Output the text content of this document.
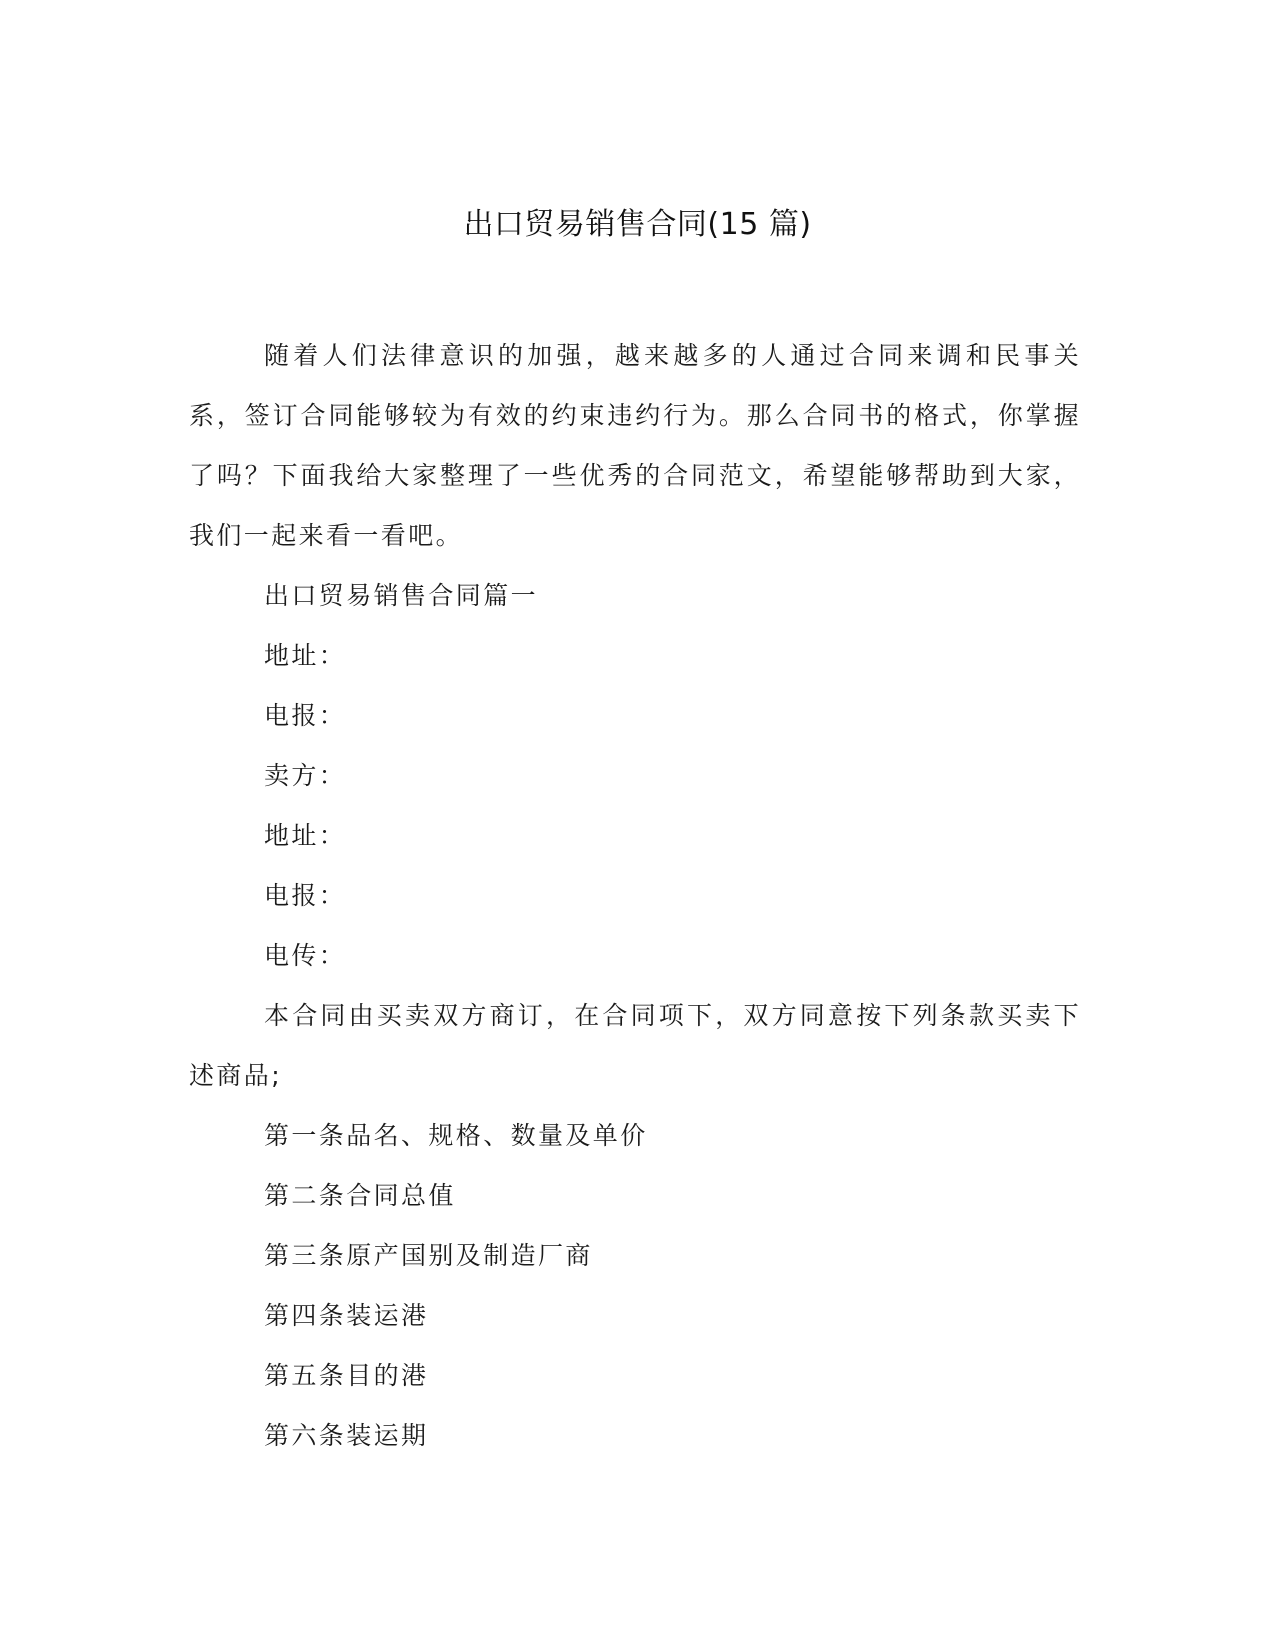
出口贸易销售合同(15 篇)

随着人们法律意识的加强，越来越多的人通过合同来调和民事关系，签订合同能够较为有效的约束违约行为。那么合同书的格式，你掌握了吗？下面我给大家整理了一些优秀的合同范文，希望能够帮助到大家，我们一起来看一看吧。

出口贸易销售合同篇一

地址：

电报：

卖方：

地址：

电报：

电传：

本合同由买卖双方商订，在合同项下，双方同意按下列条款买卖下述商品;

第一条品名、规格、数量及单价

第二条合同总值

第三条原产国别及制造厂商

第四条装运港

第五条目的港

第六条装运期
